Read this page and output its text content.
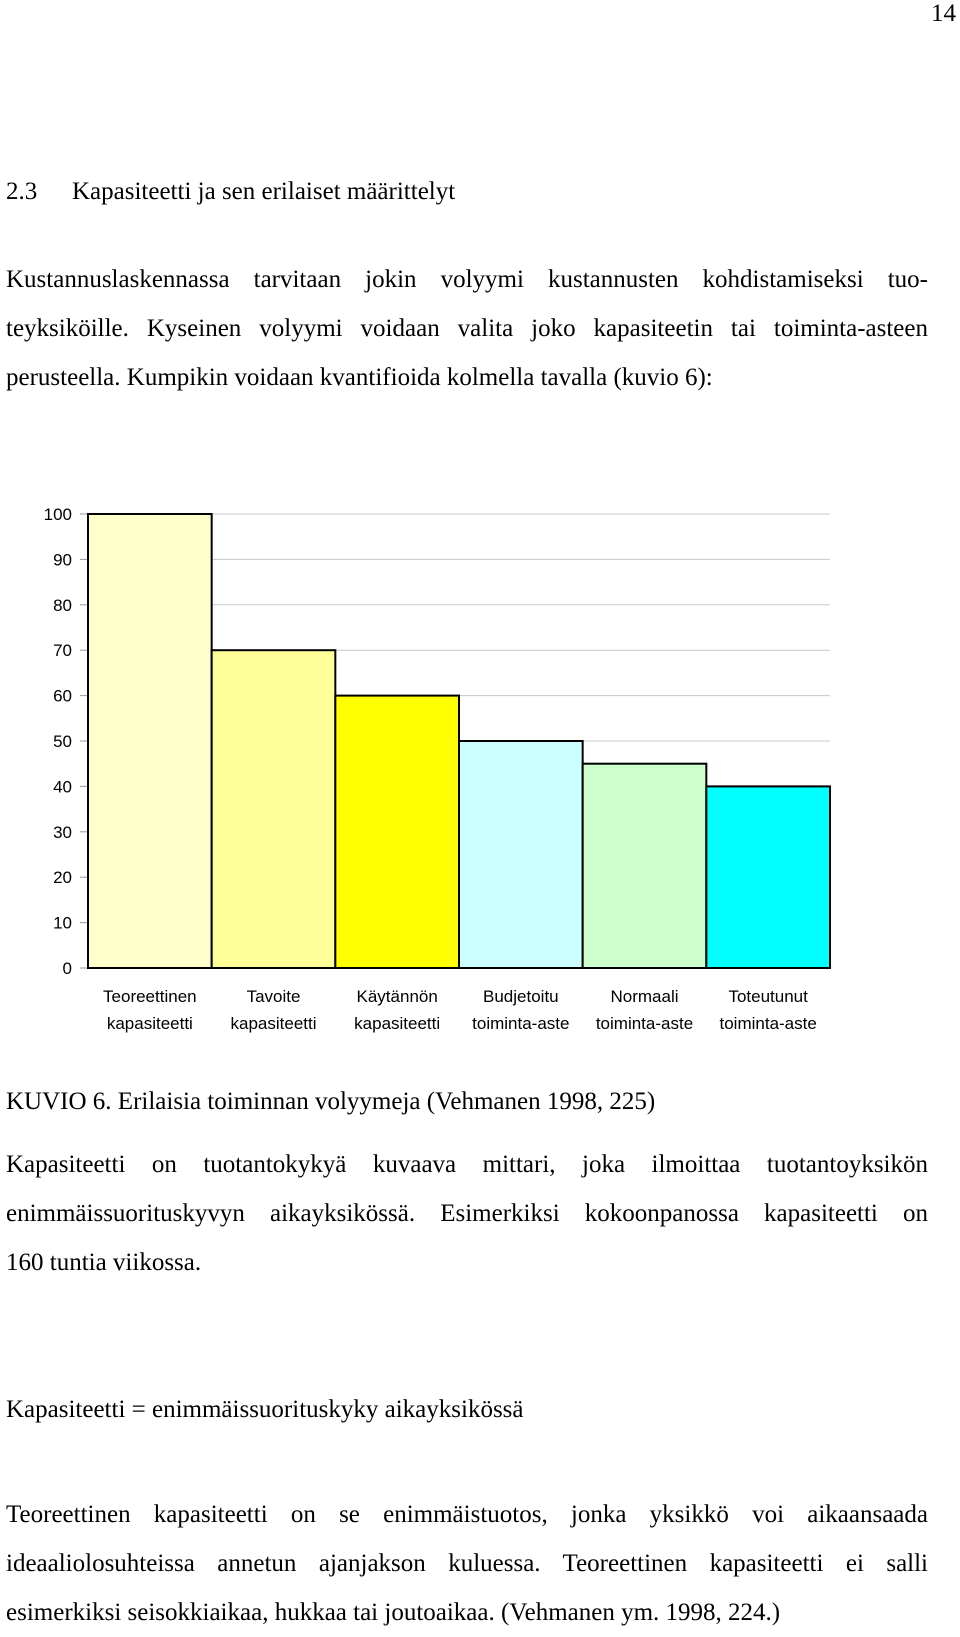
14
2.3 Kapasiteetti ja sen erilaiset määrittelyt
Kustannuslaskennassa tarvitaan jokin volyymi kustannusten kohdistamiseksi tuo-
teyksiköille. Kyseinen volyymi voidaan valita joko kapasiteetin tai toiminta-asteen
perusteella. Kumpikin voidaan kvantifioida kolmella tavalla (kuvio 6):
0
10
20
30
40
50
60
70
80
90
100
Teoreettinen
kapasiteetti
Tavoite
kapasiteetti
Käytännön
kapasiteetti
Budjetoitu
toiminta-aste
Normaali
toiminta-aste
Toteutunut
toiminta-aste
KUVIO 6. Erilaisia toiminnan volyymeja (Vehmanen 1998, 225)
Kapasiteetti on tuotantokykyä kuvaava mittari, joka ilmoittaa tuotantoyksikön
enimmäissuorituskyvyn aikayksikössä. Esimerkiksi kokoonpanossa kapasiteetti on
160 tuntia viikossa.
Kapasiteetti = enimmäissuorituskyky aikayksikössä
Teoreettinen kapasiteetti on se enimmäistuotos, jonka yksikkö voi aikaansaada
ideaaliolosuhteissa annetun ajanjakson kuluessa. Teoreettinen kapasiteetti ei salli
esimerkiksi seisokkiaikaa, hukkaa tai joutoaikaa. (Vehmanen ym. 1998, 224.)
